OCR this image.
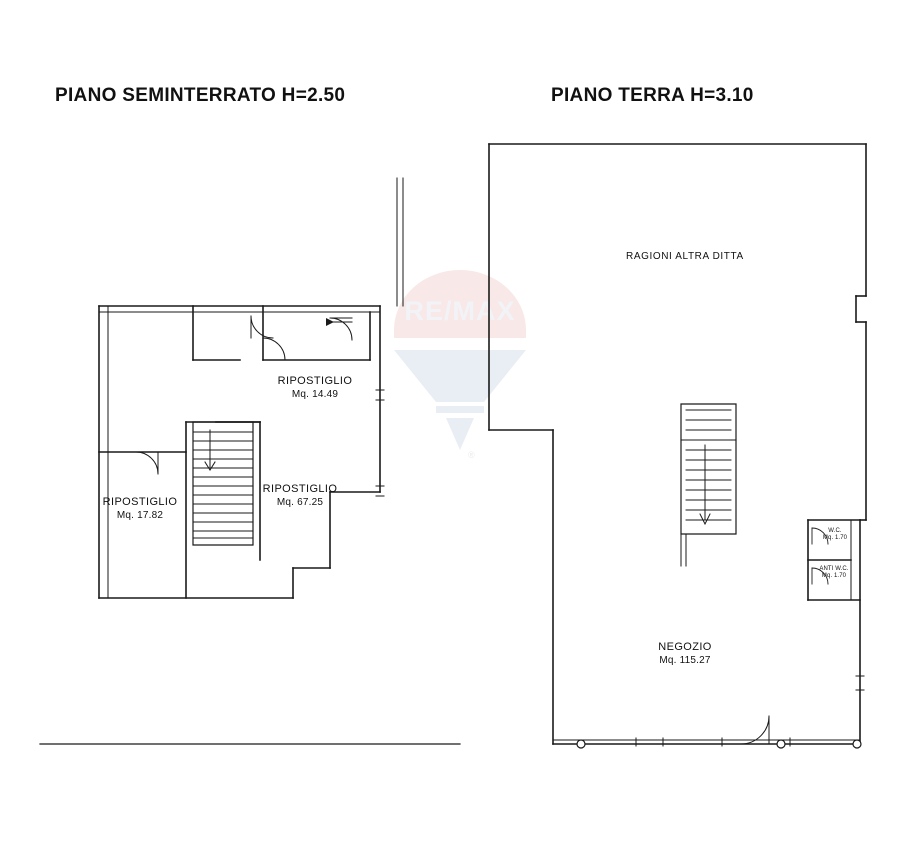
PIANO SEMINTERRATO H=2.50	PIANO TERRA H=3.10
RE/MAX
®
RIPOSTIGLIO
Mq. 14.49
RIPOSTIGLIO
Mq. 67.25
RIPOSTIGLIO
Mq. 17.82
RAGIONI ALTRA DITTA
NEGOZIO
Mq. 115.27
W.C.
Mq. 1.70
ANTI W.C.
Mq. 1.70
